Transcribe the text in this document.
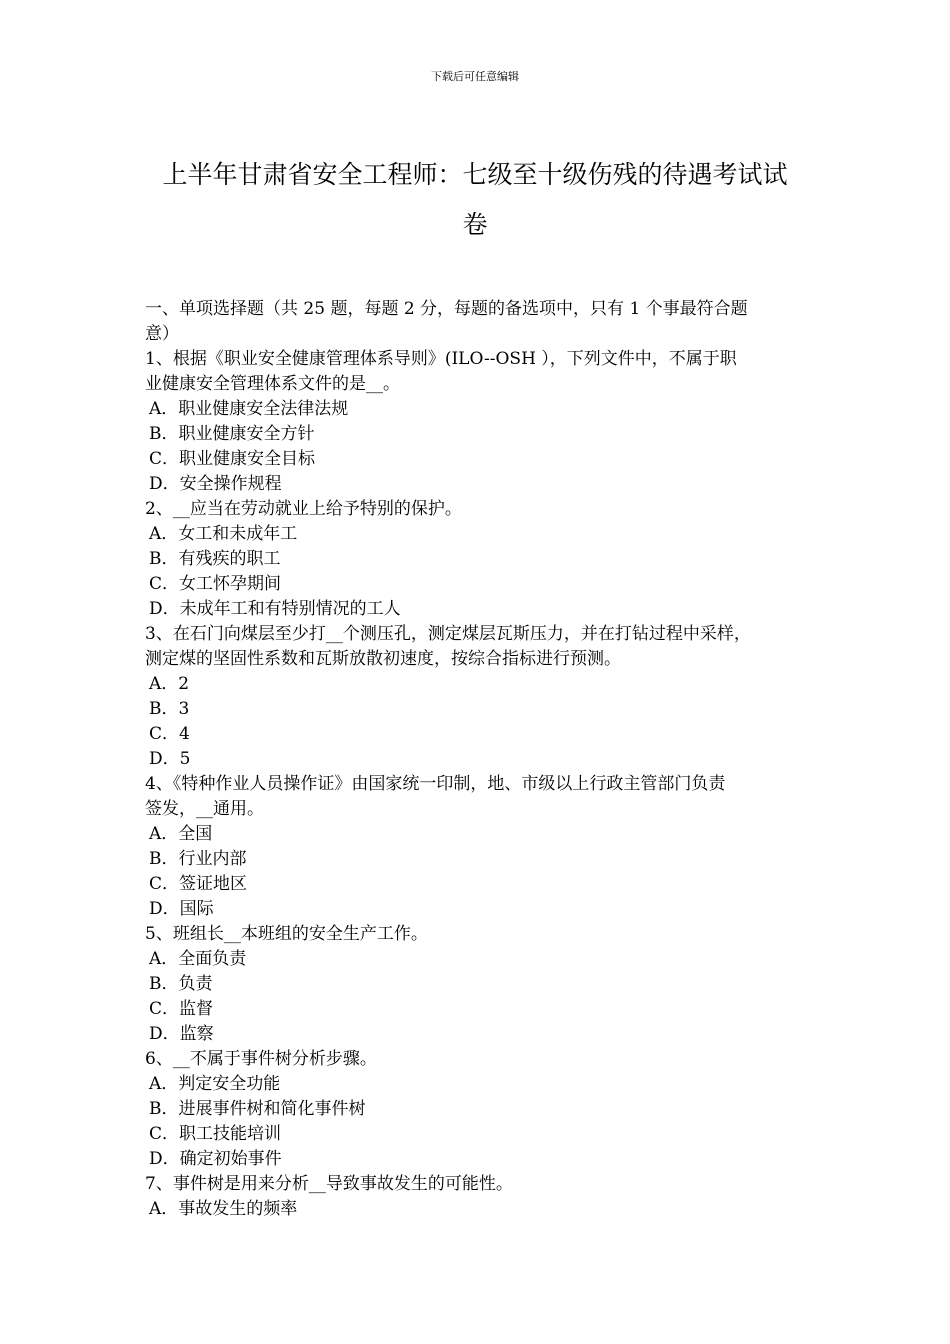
下载后可任意编辑
上半年甘肃省安全工程师：七级至十级伤残的待遇考试试
卷

一、单项选择题（共 25 题，每题 2 分，每题的备选项中，只有 1 个事最符合题

意）

1、根据《职业安全健康管理体系导则》(ILO--OSH ），下列文件中，不属于职

业健康安全管理体系文件的是__。

A．职业健康安全法律法规

B．职业健康安全方针

C．职业健康安全目标

D．安全操作规程

2、__应当在劳动就业上给予特别的保护。

A．女工和未成年工

B．有残疾的职工

C．女工怀孕期间

D．未成年工和有特别情况的工人

3、在石门向煤层至少打__个测压孔，测定煤层瓦斯压力，并在打钻过程中采样，

测定煤的坚固性系数和瓦斯放散初速度，按综合指标进行预测。

A．2

B．3

C．4

D．5

4、《特种作业人员操作证》由国家统一印制，地、市级以上行政主管部门负责

签发，__通用。

A．全国

B．行业内部

C．签证地区

D．国际

5、班组长__本班组的安全生产工作。

A．全面负责

B．负责

C．监督

D．监察

6、__不属于事件树分析步骤。

A．判定安全功能

B．进展事件树和简化事件树

C．职工技能培训

D．确定初始事件

7、事件树是用来分析__导致事故发生的可能性。

A．事故发生的频率
